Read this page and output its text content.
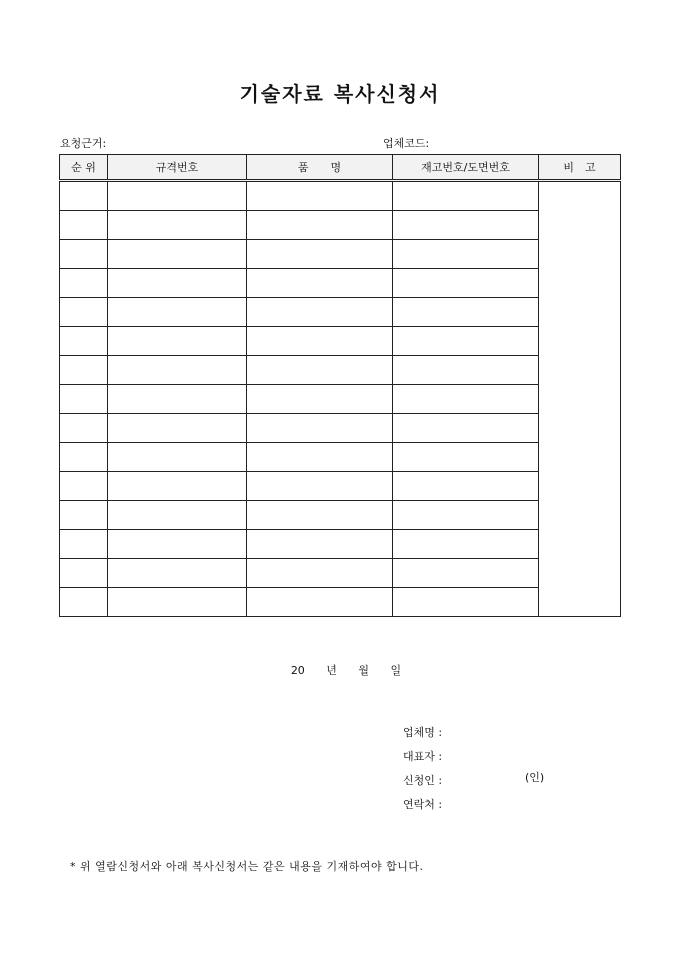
기술자료 복사신청서
요청근거:	업체코드:
순 위	규격번호	품　　명	재고번호/도면번호	비　고

20 년 월 일
업체명 :
대표자 :
신청인 :	(인)
연락처 :
* 위 열람신청서와 아래 복사신청서는 같은 내용을 기재하여야 합니다.
